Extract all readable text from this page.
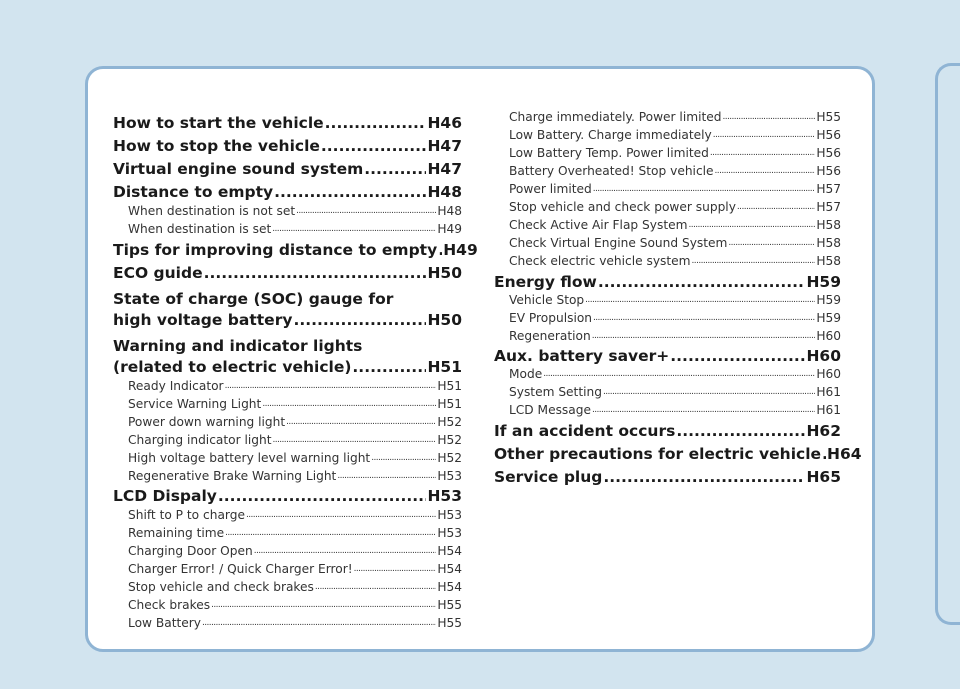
How to start the vehicle .....	H46
How to stop the vehicle .....	H47
Virtual engine sound system .....	H47
Distance to empty .....	H48
When destination is not set .....	H48
When destination is set .....	H49
Tips for improving distance to empty ..... H49
ECO guide .....	H50
State of charge (SOC) gauge for
high voltage battery .....	H50
Warning and indicator lights
(related to electric vehicle) .....	H51
Ready Indicator .....	H51
Service Warning Light .....	H51
Power down warning light .....	H52
Charging indicator light .....	H52
High voltage battery level warning light .....	H52
Regenerative Brake Warning Light .....	H53
LCD Dispaly .....	H53
Shift to P to charge .....	H53
Remaining time .....	H53
Charging Door Open .....	H54
Charger Error! / Quick Charger Error! .....	H54
Stop vehicle and check brakes .....	H54
Check brakes .....	H55
Low Battery .....	H55
Charge immediately. Power limited .....	H55
Low Battery. Charge immediately .....	H56
Low Battery Temp. Power limited .....	H56
Battery Overheated! Stop vehicle .....	H56
Power limited .....	H57
Stop vehicle and check power supply .....	H57
Check Active Air Flap System .....	H58
Check Virtual Engine Sound System .....	H58
Check electric vehicle system .....	H58
Energy flow .....	H59
Vehicle Stop .....	H59
EV Propulsion .....	H59
Regeneration .....	H60
Aux. battery saver+ .....	H60
Mode .....	H60
System Setting .....	H61
LCD Message .....	H61
If an accident occurs .....	H62
Other precautions for electric vehicle ..... H64
Service plug .....	H65
